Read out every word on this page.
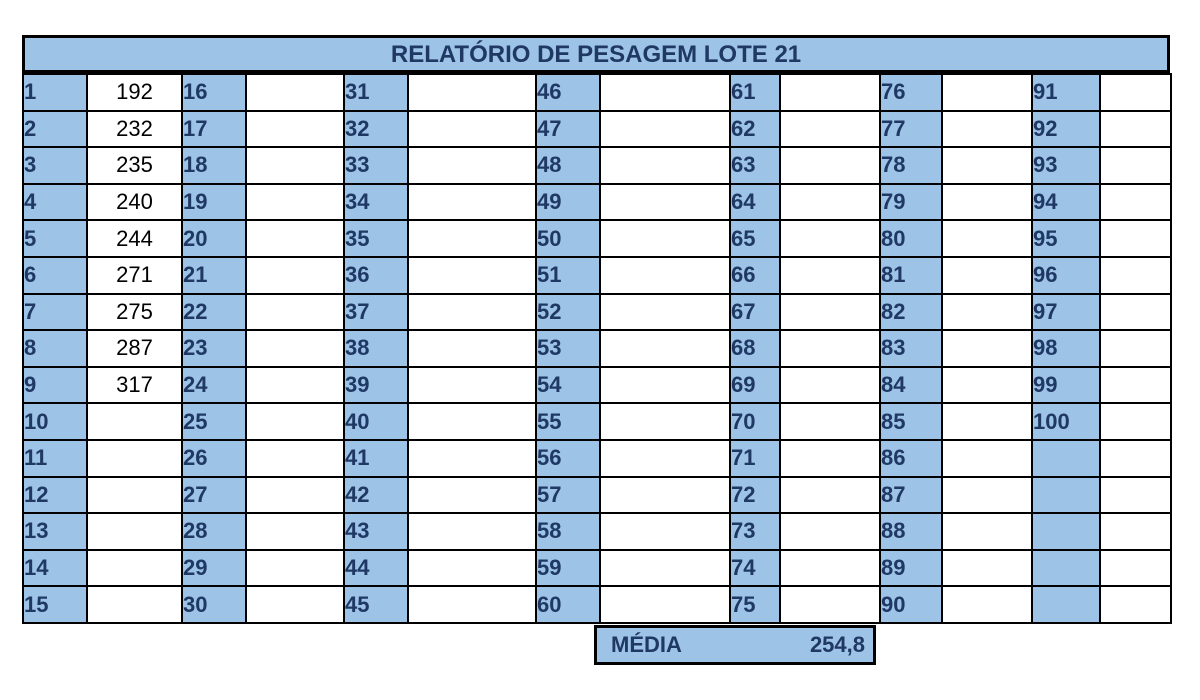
RELATÓRIO DE PESAGEM LOTE 21
1	192	16		31		46		61		76		91	
2	232	17		32		47		62		77		92	
3	235	18		33		48		63		78		93	
4	240	19		34		49		64		79		94	
5	244	20		35		50		65		80		95	
6	271	21		36		51		66		81		96	
7	275	22		37		52		67		82		97	
8	287	23		38		53		68		83		98	
9	317	24		39		54		69		84		99	
10		25		40		55		70		85		100	
11		26		41		56		71		86			
12		27		42		57		72		87			
13		28		43		58		73		88			
14		29		44		59		74		89			
15		30		45		60		75		90			
MÉDIA	254,8
